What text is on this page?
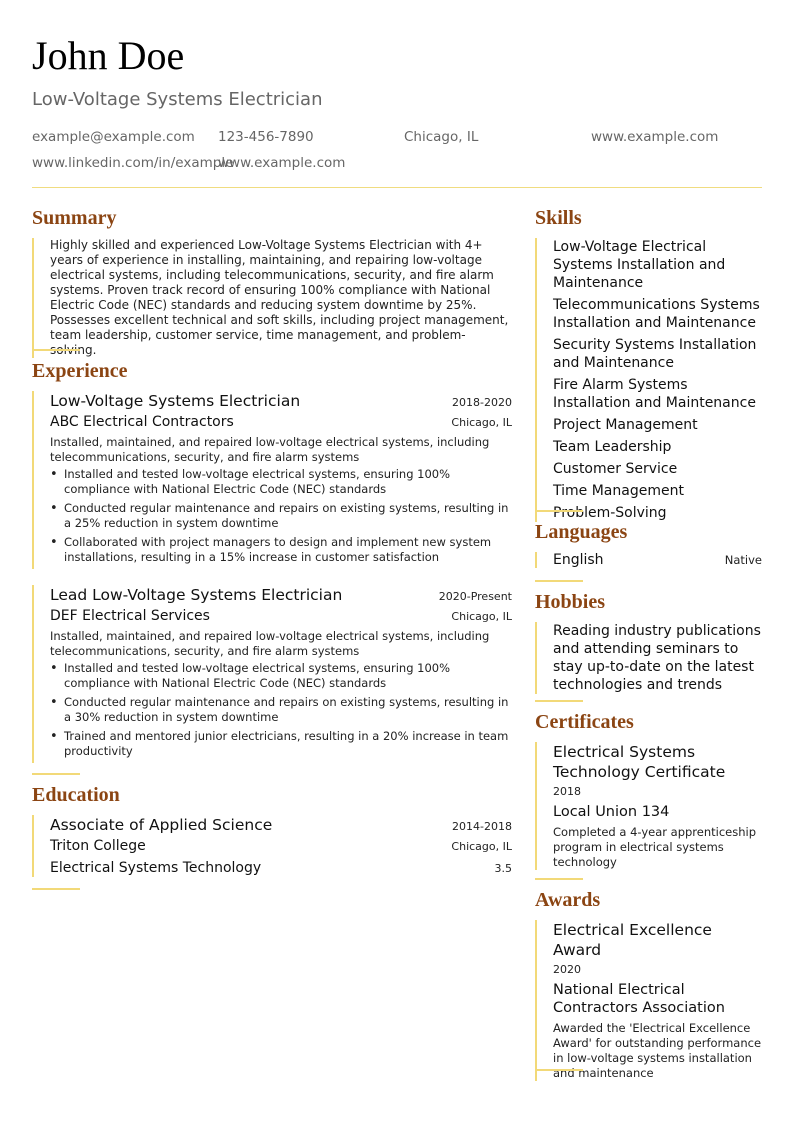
John Doe
Low-Voltage Systems Electrician
example@example.com 123-456-7890	Chicago, IL	www.example.com
www.linkedin.com/in/example
www.example.com
Summary

Highly skilled and experienced Low-Voltage Systems Electrician with 4+ years of experience in installing, maintaining, and repairing low-voltage electrical systems, including telecommunications, security, and fire alarm systems. Proven track record of ensuring 100% compliance with National Electric Code (NEC) standards and reducing system downtime by 25%. Possesses excellent technical and soft skills, including project management, team leadership, customer service, time management, and problem-solving.

Experience
Low-Voltage Systems Electrician	2018-2020
ABC Electrical Contractors	Chicago, IL

Installed, maintained, and repaired low-voltage electrical systems, including telecommunications, security, and fire alarm systems

• Installed and tested low-voltage electrical systems, ensuring 100% compliance with National Electric Code (NEC) standards
• Conducted regular maintenance and repairs on existing systems, resulting in a 25% reduction in system downtime
• Collaborated with project managers to design and implement new system installations, resulting in a 15% increase in customer satisfaction
Lead Low-Voltage Systems Electrician	2020-Present
DEF Electrical Services	Chicago, IL

Installed, maintained, and repaired low-voltage electrical systems, including telecommunications, security, and fire alarm systems

• Installed and tested low-voltage electrical systems, ensuring 100% compliance with National Electric Code (NEC) standards
• Conducted regular maintenance and repairs on existing systems, resulting in a 30% reduction in system downtime
• Trained and mentored junior electricians, resulting in a 20% increase in team productivity
Education
Associate of Applied Science	2014-2018
Triton College	Chicago, IL
Electrical Systems Technology	3.5
Skills
Low-Voltage Electrical Systems Installation and Maintenance
Telecommunications Systems Installation and Maintenance
Security Systems Installation and Maintenance
Fire Alarm Systems Installation and Maintenance
Project Management
Team Leadership
Customer Service
Time Management
Problem-Solving
Languages
English	Native
Hobbies
Reading industry publications and attending seminars to stay up-to-date on the latest technologies and trends
Certificates
Electrical Systems Technology Certificate
2018
Local Union 134
Completed a 4-year apprenticeship program in electrical systems technology
Awards
Electrical Excellence Award
2020
National Electrical Contractors Association
Awarded the 'Electrical Excellence Award' for outstanding performance in low-voltage systems installation and maintenance
